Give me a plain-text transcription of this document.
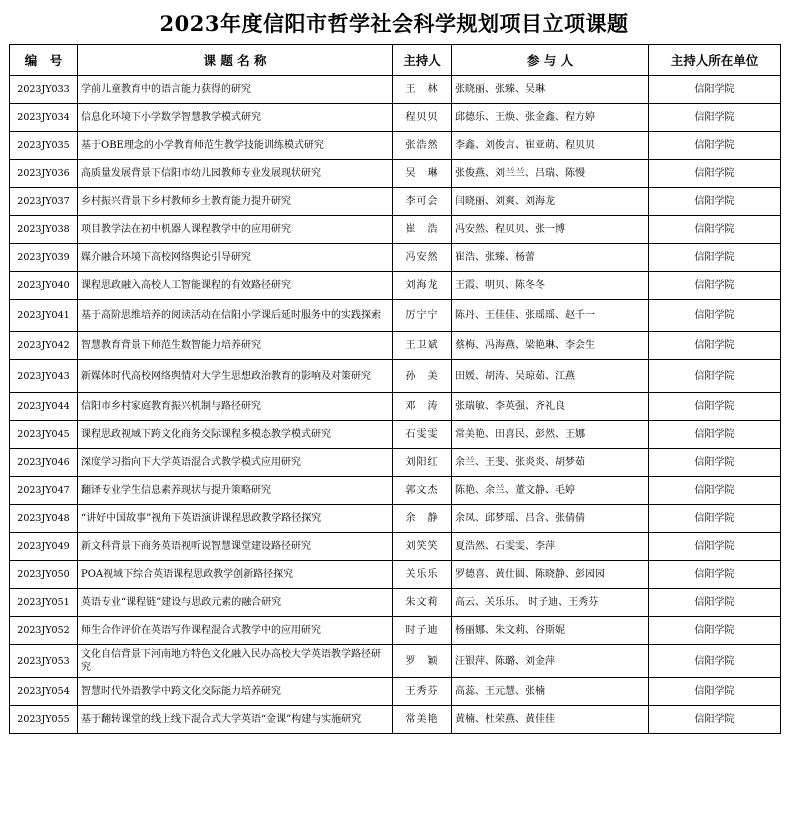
2023年度信阳市哲学社会科学规划项目立项课题
编　号	课 题 名 称	主持人	参 与 人	主持人所在单位
2023JY033	学前儿童教育中的语言能力获得的研究	王　林	张晓丽、张臻、吴琳	信阳学院
2023JY034	信息化环境下小学数学智慧教学模式研究	程贝贝	邱德乐、王焕、张金鑫、程方婷	信阳学院
2023JY035	基于OBE理念的小学教育师范生教学技能训练模式研究	张浩然	李鑫、刘俊言、崔亚萌、程贝贝	信阳学院
2023JY036	高质量发展背景下信阳市幼儿园教师专业发展现状研究	吴　琳	张俊燕、刘兰兰、吕瑞、陈慢	信阳学院
2023JY037	乡村振兴背景下乡村教师乡土教育能力提升研究	李可会	闫晓丽、刘爽、刘海龙	信阳学院
2023JY038	项目教学法在初中机器人课程教学中的应用研究	崔　浩	冯安然、程贝贝、张一博	信阳学院
2023JY039	媒介融合环境下高校网络舆论引导研究	冯安然	崔浩、张臻、杨蕾	信阳学院
2023JY040	课程思政融入高校人工智能课程的有效路径研究	刘海龙	王霞、明贝、陈冬冬	信阳学院
2023JY041	基于高阶思维培养的阅读活动在信阳小学课后延时服务中的实践探索	厉宁宁	陈丹、王佳佳、张瑶瑶、赵千一	信阳学院
2023JY042	智慧教育背景下师范生数智能力培养研究	王卫斌	蔡梅、冯海燕、梁艳琳、李会生	信阳学院
2023JY043	新媒体时代高校网络舆情对大学生思想政治教育的影响及对策研究	孙　美	田媛、胡涛、吴琼茹、江燕	信阳学院
2023JY044	信阳市乡村家庭教育振兴机制与路径研究	邓　涛	张瑞敏、李英强、齐礼良	信阳学院
2023JY045	课程思政视域下跨文化商务交际课程多模态教学模式研究	石雯雯	常美艳、田喜民、彭然、王娜	信阳学院
2023JY046	深度学习指向下大学英语混合式教学模式应用研究	刘阳红	余兰、王斐、张炎炎、胡梦茹	信阳学院
2023JY047	翻译专业学生信息素养现状与提升策略研究	郭文杰	陈艳、余兰、董文静、毛婷	信阳学院
2023JY048	“讲好中国故事”视角下英语演讲课程思政教学路径探究	余　静	余凤、邱梦瑶、吕含、张倩倩	信阳学院
2023JY049	新文科背景下商务英语视听说智慧课堂建设路径研究	刘笑笑	夏浩然、石雯雯、李萍	信阳学院
2023JY050	POA视域下综合英语课程思政教学创新路径探究	关乐乐	罗德喜、黄仕圆、陈晓静、彭园园	信阳学院
2023JY051	英语专业“课程链”建设与思政元素的融合研究	朱文莉	高云、关乐乐、 时子迪、王秀芬	信阳学院
2023JY052	师生合作评价在英语写作课程混合式教学中的应用研究	时子迪	杨丽娜、朱文莉、谷斯妮	信阳学院
2023JY053	文化自信背景下河南地方特色文化融入民办高校大学英语教学路径研究	罗　颖	汪银萍、陈璐、刘金萍	信阳学院
2023JY054	智慧时代外语教学中跨文化交际能力培养研究	王秀芬	高蕊、王元慧、张楠	信阳学院
2023JY055	基于翻转课堂的线上线下混合式大学英语“金课”构建与实施研究	常美艳	黄楠、杜荣燕、黄佳佳	信阳学院
